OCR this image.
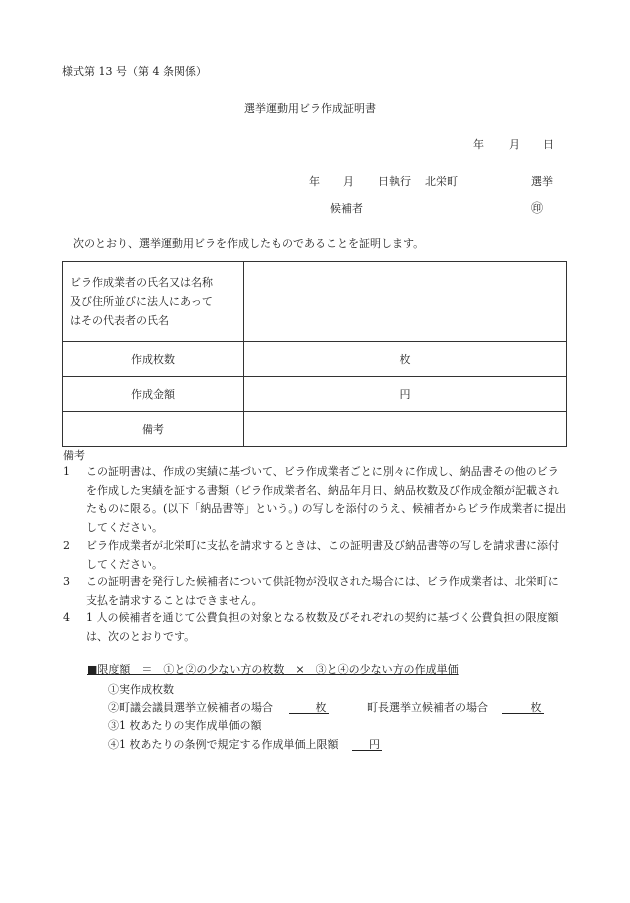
様式第 13 号（第 4 条関係）
選挙運動用ビラ作成証明書
年 月 日
年 月 日執行 北栄町	選挙
候補者	㊞
次のとおり、選挙運動用ビラを作成したものであることを証明します。
ビラ作成業者の氏名又は名称
及び住所並びに法人にあって
はその代表者の氏名	

作成枚数	枚
作成金額	円
備考	
備考
1	この証明書は、作成の実績に基づいて、ビラ作成業者ごとに別々に作成し、納品書その他のビラを作成した実績を証する書類（ビラ作成業者名、納品年月日、納品枚数及び作成金額が記載されたものに限る。(以下「納品書等」という。) の写しを添付のうえ、候補者からビラ作成業者に提出してください。
2	ビラ作成業者が北栄町に支払を請求するときは、この証明書及び納品書等の写しを請求書に添付してください。
3	この証明書を発行した候補者について供託物が没収された場合には、ビラ作成業者は、北栄町に支払を請求することはできません。
4	1 人の候補者を通じて公費負担の対象となる枚数及びそれぞれの契約に基づく公費負担の限度額は、次のとおりです。
■限度額　＝　①と②の少ない方の枚数　×　③と④の少ない方の作成単価
①実作成枚数
②町議会議員選挙立候補者の場合	枚	町長選挙立候補者の場合	枚
③1 枚あたりの実作成単価の額
④1 枚あたりの条例で規定する作成単価上限額	円
